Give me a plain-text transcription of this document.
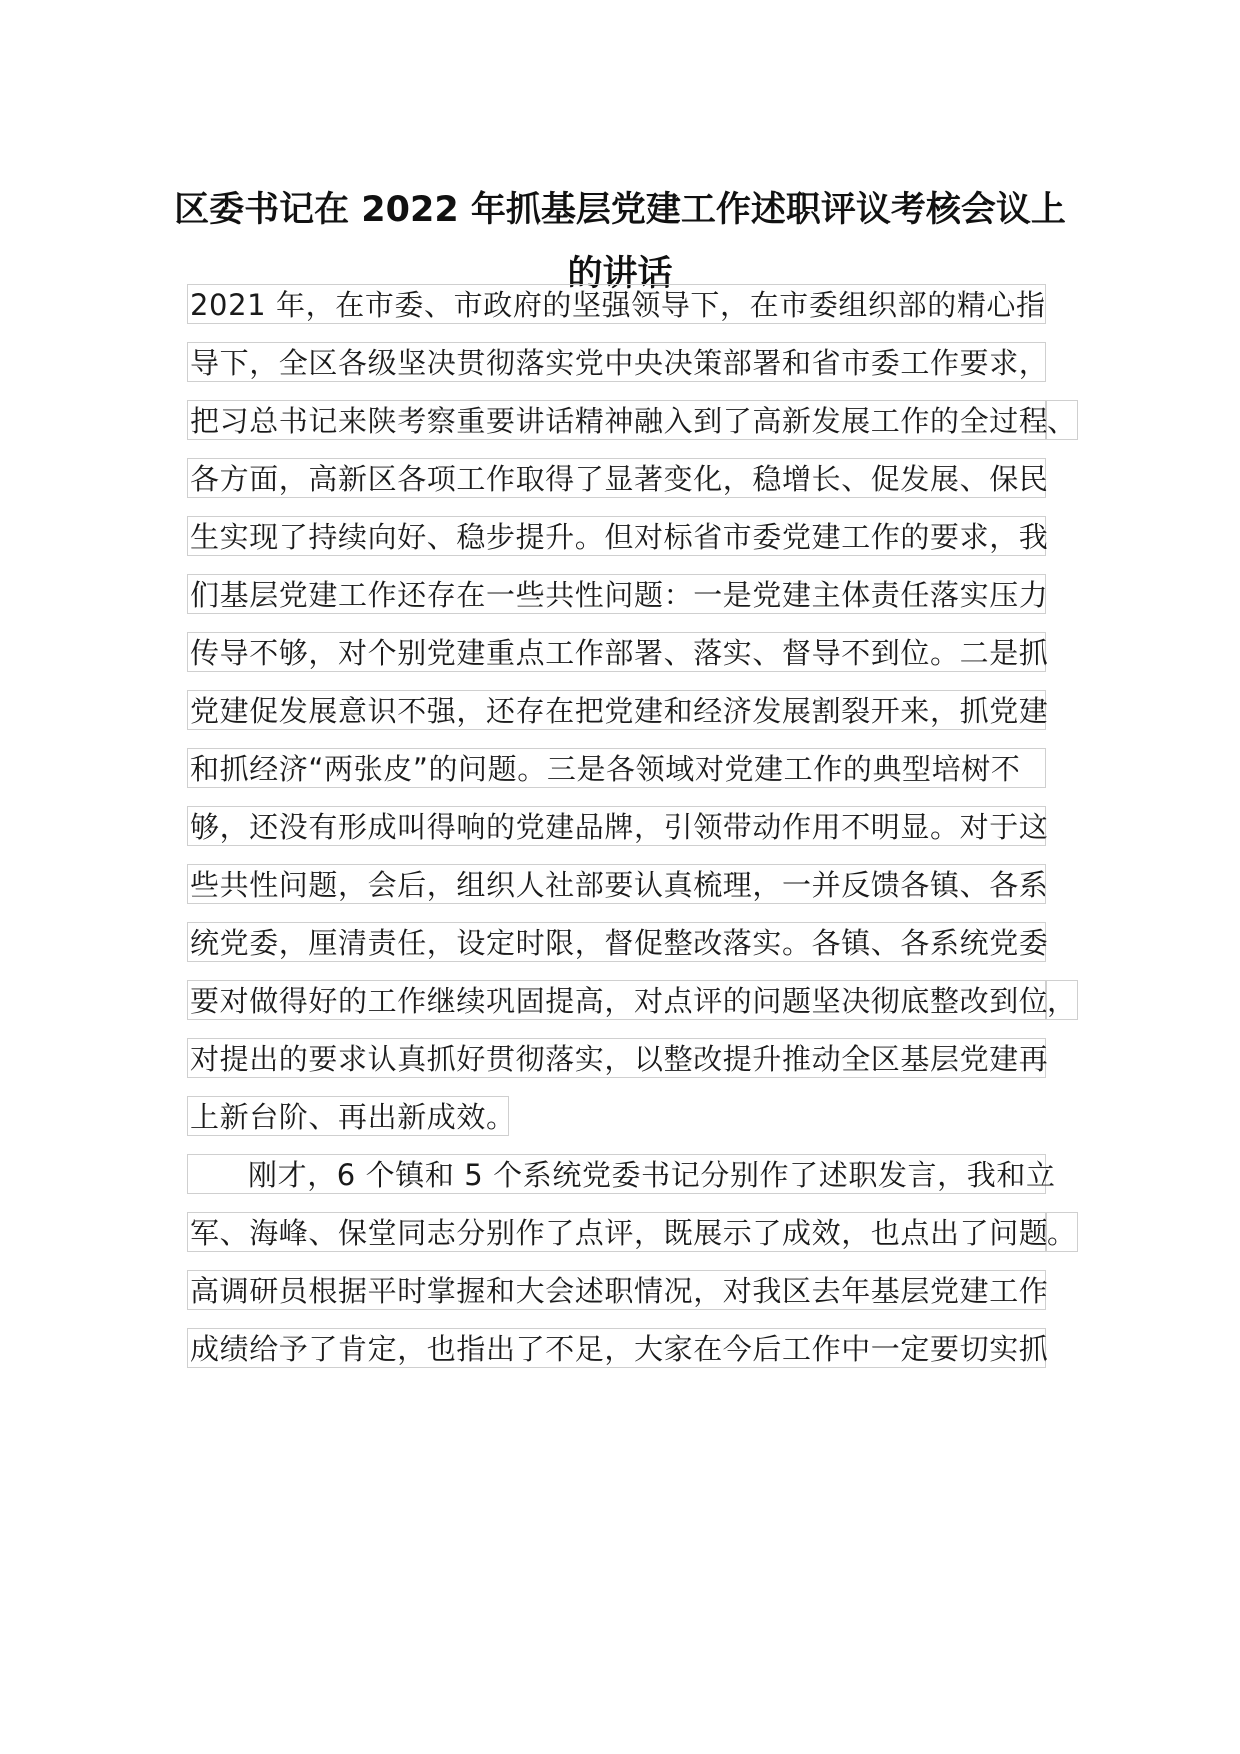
区委书记在 2022 年抓基层党建工作述职评议考核会议上
的讲话
2021 年，在市委、市政府的坚强领导下，在市委组织部的精心指
导下，全区各级坚决贯彻落实党中央决策部署和省市委工作要求，
把习总书记来陕考察重要讲话精神融入到了高新发展工作的全过程
、
各方面，高新区各项工作取得了显著变化，稳增长、促发展、保民
生实现了持续向好、稳步提升。但对标省市委党建工作的要求，我
们基层党建工作还存在一些共性问题：一是党建主体责任落实压力
传导不够，对个别党建重点工作部署、落实、督导不到位。二是抓
党建促发展意识不强，还存在把党建和经济发展割裂开来，抓党建
和抓经济“两张皮”的问题。三是各领域对党建工作的典型培树不
够，还没有形成叫得响的党建品牌，引领带动作用不明显。对于这
些共性问题，会后，组织人社部要认真梳理，一并反馈各镇、各系
统党委，厘清责任，设定时限，督促整改落实。各镇、各系统党委
要对做得好的工作继续巩固提高，对点评的问题坚决彻底整改到位
，
对提出的要求认真抓好贯彻落实，以整改提升推动全区基层党建再
上新台阶、再出新成效。
刚才，6 个镇和 5 个系统党委书记分别作了述职发言，我和立
军、海峰、保堂同志分别作了点评，既展示了成效，也点出了问题
。
高调研员根据平时掌握和大会述职情况，对我区去年基层党建工作
成绩给予了肯定，也指出了不足，大家在今后工作中一定要切实抓
